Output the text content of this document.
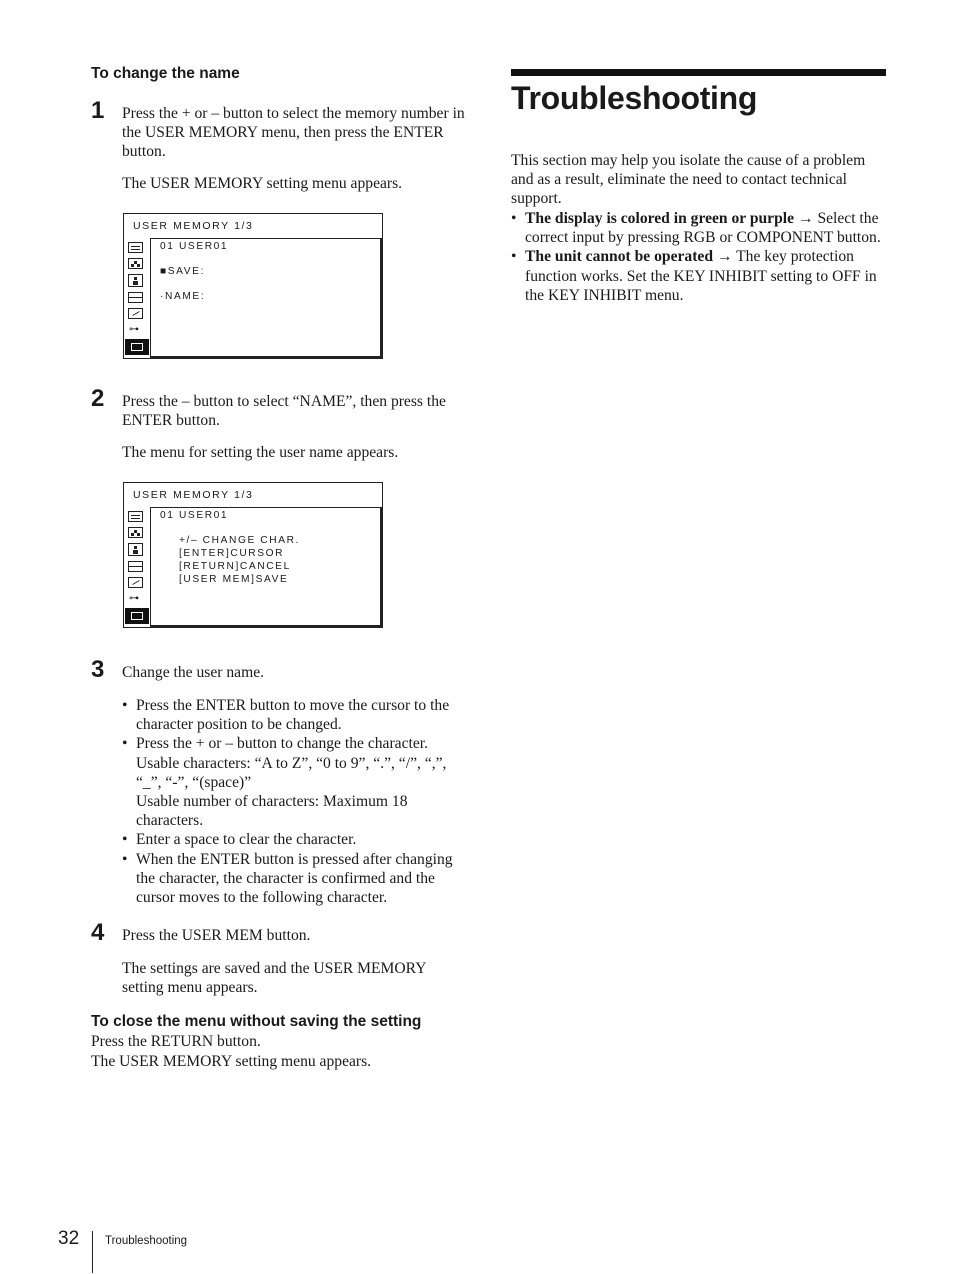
To change the name
1 Press the + or – button to select the memory number in the USER MEMORY menu, then press the ENTER button.

The USER MEMORY setting menu appears.

USER MEMORY 1/3
⊶
01 USER01
■SAVE:
·NAME:
2 Press the – button to select “NAME”, then press the ENTER button.

The menu for setting the user name appears.

USER MEMORY 1/3
⊶
01 USER01
+/– CHANGE CHAR.
[ENTER]CURSOR
[RETURN]CANCEL
[USER MEM]SAVE
3 Change the user name.

• Press the ENTER button to move the cursor to the character position to be changed.
• Press the + or – button to change the character.
Usable characters: “A to Z”, “0 to 9”, “.”, “/”, “,”, “_”, “-”, “(space)”
Usable number of characters: Maximum 18 characters.
• Enter a space to clear the character.
• When the ENTER button is pressed after changing the character, the character is confirmed and the cursor moves to the following character.
4 Press the USER MEM button.

The settings are saved and the USER MEMORY setting menu appears.

To close the menu without saving the setting

Press the RETURN button.

The USER MEMORY setting menu appears.

Troubleshooting

This section may help you isolate the cause of a problem and as a result, eliminate the need to contact technical support.

• The display is colored in green or purple → Select the correct input by pressing RGB or COMPONENT button.
• The unit cannot be operated → The key protection function works. Set the KEY INHIBIT setting to OFF in the KEY INHIBIT menu.
32 Troubleshooting
